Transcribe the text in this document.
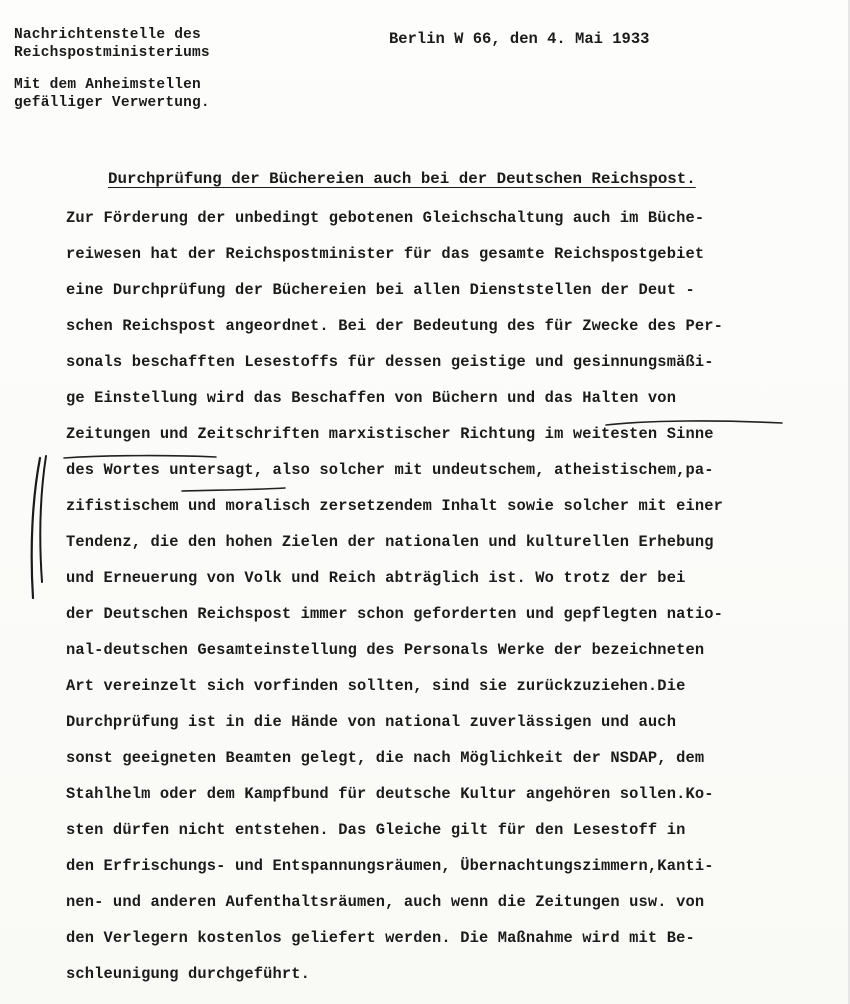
Nachrichtenstelle des
Reichspostministeriums
Mit dem Anheimstellen
gefälliger Verwertung.
Berlin W 66, den 4. Mai 1933
Durchprüfung der Büchereien auch bei der Deutschen Reichspost.
Zur Förderung der unbedingt gebotenen Gleichschaltung auch im Büche-
reiwesen hat der Reichspostminister für das gesamte Reichspostgebiet
eine Durchprüfung der Büchereien bei allen Dienststellen der Deut -
schen Reichspost angeordnet. Bei der Bedeutung des für Zwecke des Per-
sonals beschafften Lesestoffs für dessen geistige und gesinnungsmäßi-
ge Einstellung wird das Beschaffen von Büchern und das Halten von
Zeitungen und Zeitschriften marxistischer Richtung im weitesten Sinne
des Wortes untersagt, also solcher mit undeutschem, atheistischem,pa-
zifistischem und moralisch zersetzendem Inhalt sowie solcher mit einer
Tendenz, die den hohen Zielen der nationalen und kulturellen Erhebung
und Erneuerung von Volk und Reich abträglich ist. Wo trotz der bei
der Deutschen Reichspost immer schon geforderten und gepflegten natio-
nal-deutschen Gesamteinstellung des Personals Werke der bezeichneten
Art vereinzelt sich vorfinden sollten, sind sie zurückzuziehen.Die
Durchprüfung ist in die Hände von national zuverlässigen und auch
sonst geeigneten Beamten gelegt, die nach Möglichkeit der NSDAP, dem
Stahlhelm oder dem Kampfbund für deutsche Kultur angehören sollen.Ko-
sten dürfen nicht entstehen. Das Gleiche gilt für den Lesestoff in
den Erfrischungs- und Entspannungsräumen, Übernachtungszimmern,Kanti-
nen- und anderen Aufenthaltsräumen, auch wenn die Zeitungen usw. von
den Verlegern kostenlos geliefert werden. Die Maßnahme wird mit Be-
schleunigung durchgeführt.
